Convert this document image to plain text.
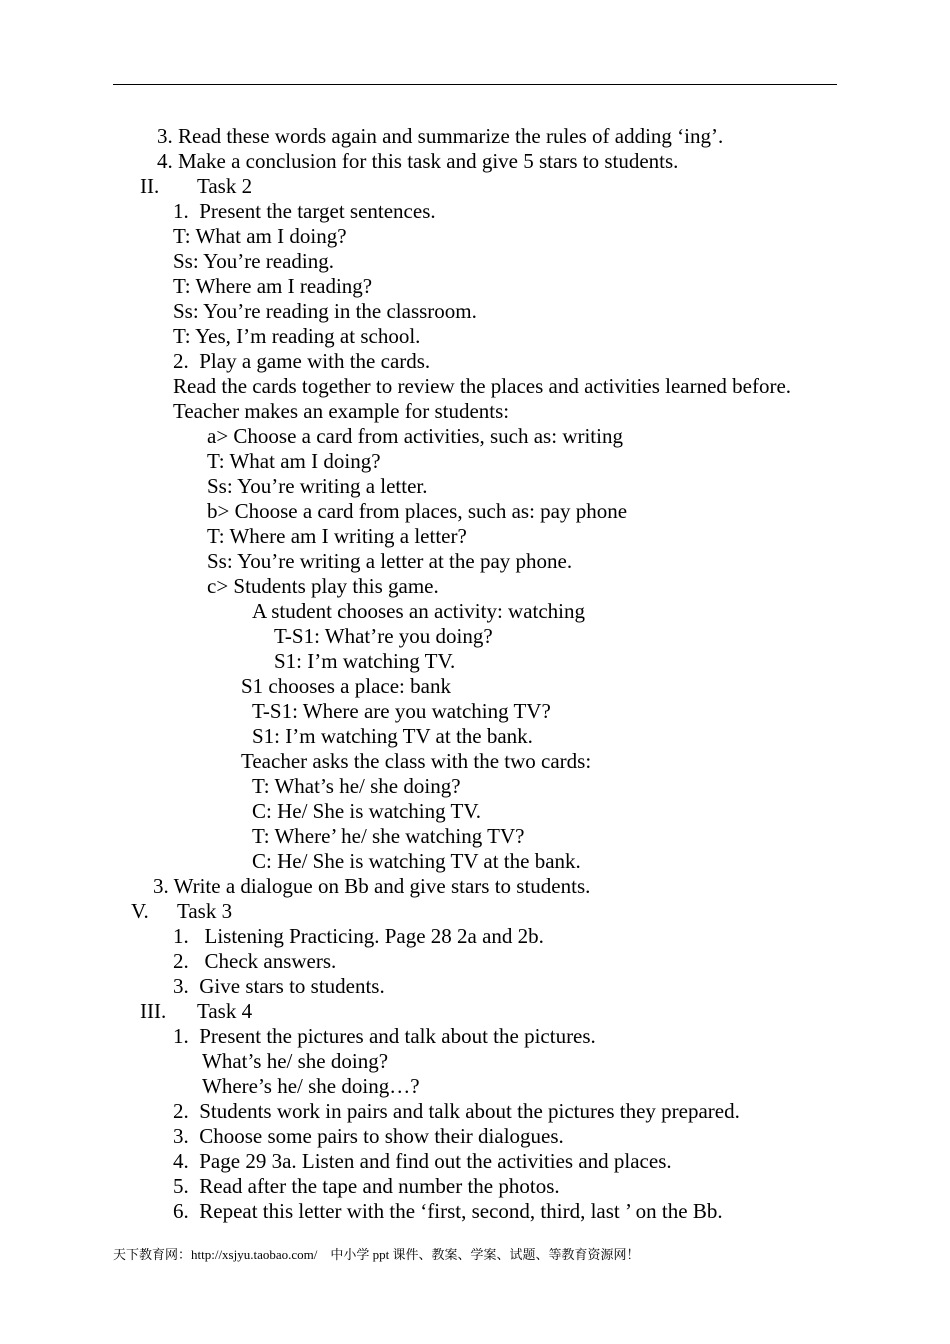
3. Read these words again and summarize the rules of adding ‘ing’.
4. Make a conclusion for this task and give 5 stars to students.
II. Task 2
1.  Present the target sentences.
T: What am I doing?
Ss: You’re reading.
T: Where am I reading?
Ss: You’re reading in the classroom.
T: Yes, I’m reading at school.
2.  Play a game with the cards.
Read the cards together to review the places and activities learned before.
Teacher makes an example for students:
a> Choose a card from activities, such as: writing
T: What am I doing?
Ss: You’re writing a letter.
b> Choose a card from places, such as: pay phone
T: Where am I writing a letter?
Ss: You’re writing a letter at the pay phone.
c> Students play this game.
A student chooses an activity: watching
T-S1: What’re you doing?
S1: I’m watching TV.
S1 chooses a place: bank
T-S1: Where are you watching TV?
S1: I’m watching TV at the bank.
Teacher asks the class with the two cards:
T: What’s he/ she doing?
C: He/ She is watching TV.
T: Where’ he/ she watching TV?
C: He/ She is watching TV at the bank.
3. Write a dialogue on Bb and give stars to students.
V. Task 3
1.   Listening Practicing. Page 28 2a and 2b.
2.   Check answers.
3.  Give stars to students.
III. Task 4
1.  Present the pictures and talk about the pictures.
What’s he/ she doing?
Where’s he/ she doing…?
2.  Students work in pairs and talk about the pictures they prepared.
3.  Choose some pairs to show their dialogues.
4.  Page 29 3a. Listen and find out the activities and places.
5.  Read after the tape and number the photos.
6.  Repeat this letter with the ‘first, second, third, last ’ on the Bb.
天下教育网：http://xsjyu.taobao.com/    中小学 ppt 课件、教案、学案、试题、等教育资源网！
